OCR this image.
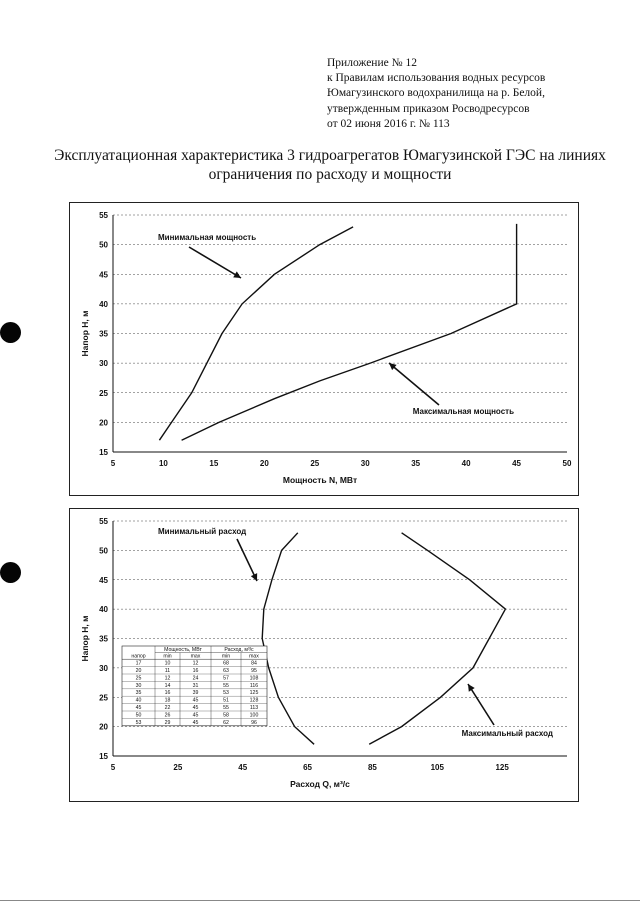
Приложение № 12
к Правилам использования водных ресурсов
Юмагузинского водохранилища на р. Белой,
утвержденным приказом Росводресурсов
от 02 июня 2016 г. № 113
Эксплуатационная характеристика 3 гидроагрегатов Юмагузинской ГЭС на линиях
ограничения по расходу и мощности
15
20
25
30
35
40
45
50
55
5	10	15	20	25	30	35	40	45	50
Мощность N, МВт
Напор Н, м
Минимальная мощность
Максимальная мощность
15
20
25
30
35
40
45
50
55
5	25	45	65	85	105	125
Расход Q, м³/с
Напор Н, м
Минимальный расход
Максимальный расход
Мощность, МВт	Расход, м³/с
напор	min	max	min	max
17	10	12	68	84
20	11	16	63	95
25	12	24	57	108
30	14	31	55	116
35	16	39	53	125
40	18	45	51	128
45	22	45	55	113
50	26	45	58	100
53	29	45	62	96
